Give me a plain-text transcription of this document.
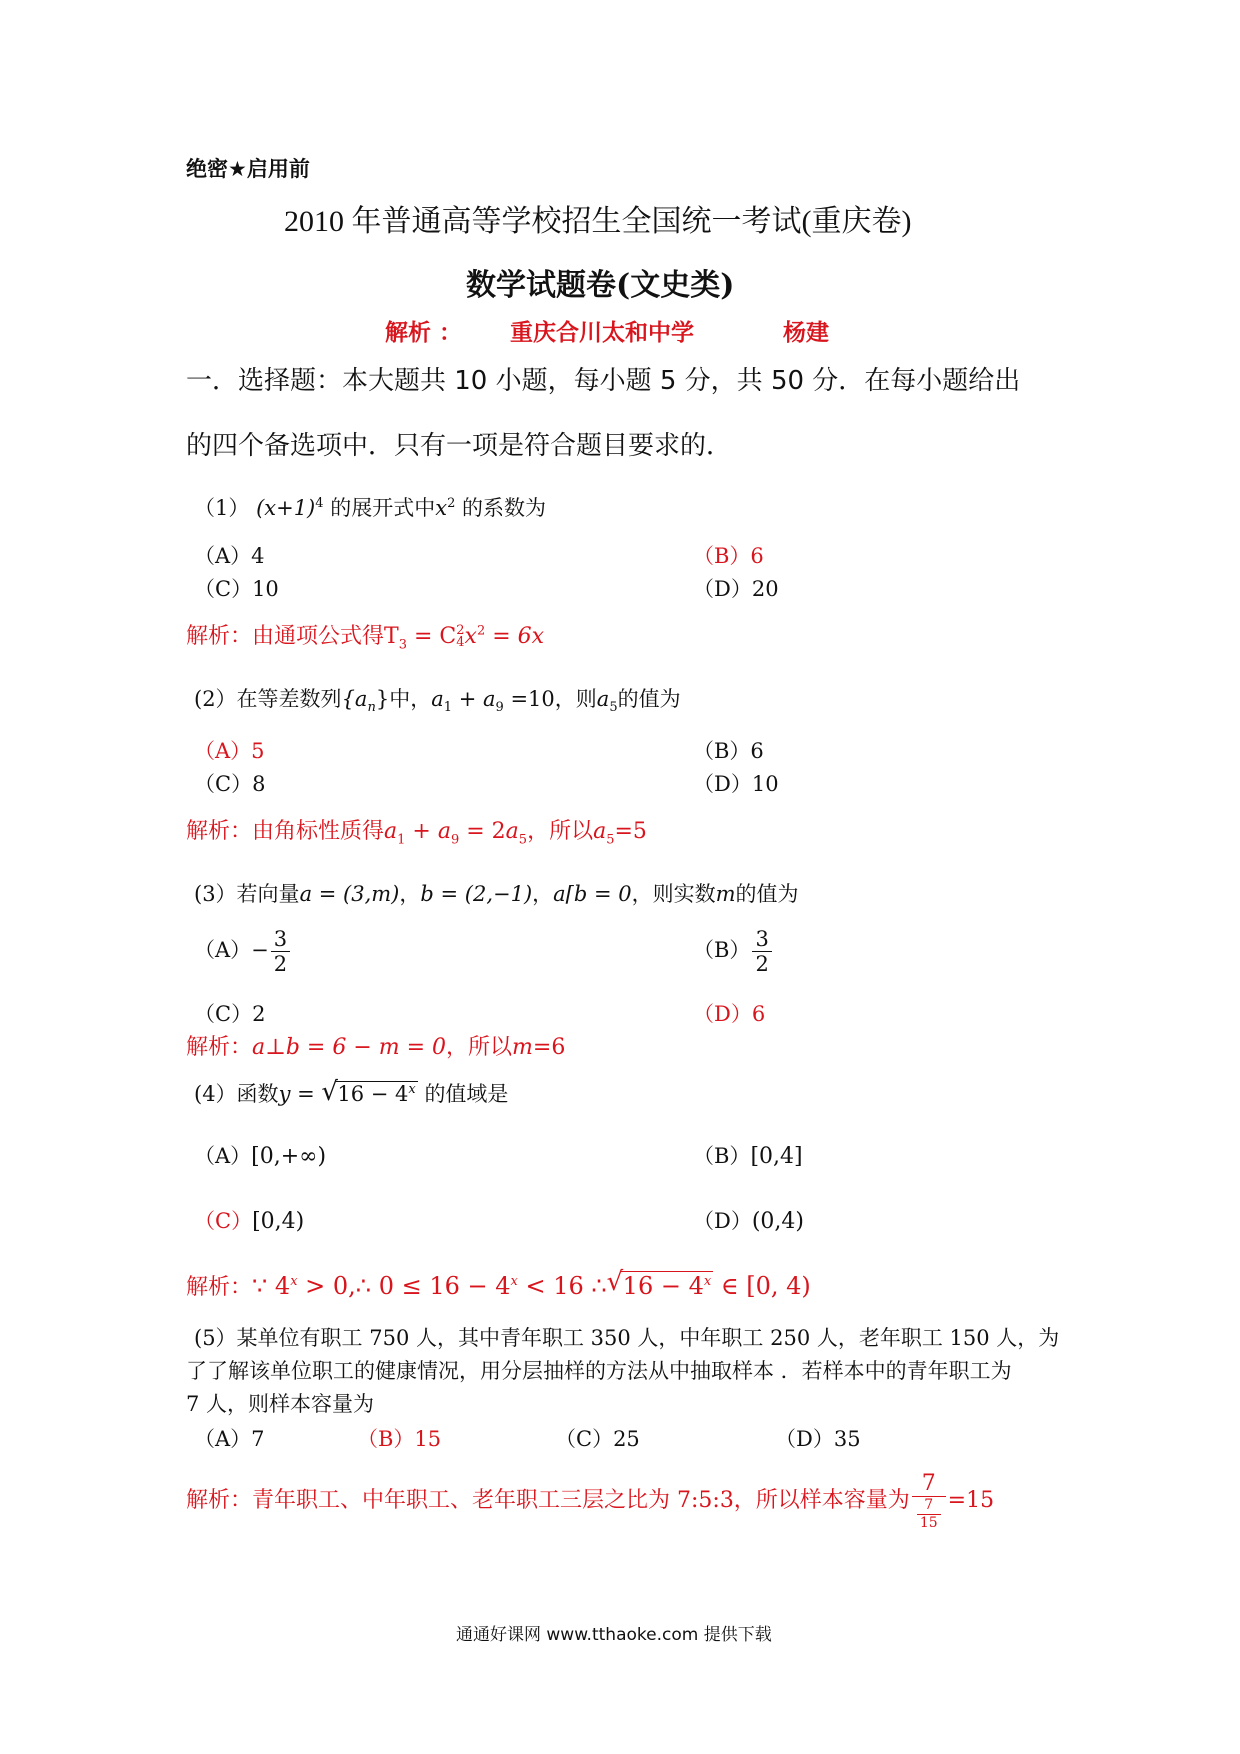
绝密★启用前
2010 年普通高等学校招生全国统一考试(重庆卷)
数学试题卷(文史类)
解析 ： 重庆合川太和中学	杨建
一．选择题：本大题共 10 小题，每小题 5 分，共 50 分．在每小题给出
的四个备选项中．只有一项是符合题目要求的．
（1） $(x+1)^4$ 的展开式中$x^2$ 的系数为
（A）4	（B）6
（C）10	（D）20
解析：由通项公式得$T_3 = C$ 2
4 $x^2 = 6x$
(2）在等差数列$\{a_n\}$中，$a_1 + a_9 =10$，则$a_5$的值为
（A）5	（B）6
（C）8	（D）10
解析：由角标性质得$a_1 + a_9 = 2a_5$，所以$a_5=5$
(3）若向量a = (3,m)，b = (2,−1)，a⌈b = 0，则实数m的值为
$(A)- \frac{3}{2}$	$(B) \frac{3}{2}$
（C）2	（D）6
解析：a⊥b = 6 − m = 0，所以m=6
(4）函数y = √ $16 - 4^x$ 的值域是
（A）[0,+∞)	（B）[0,4]
（C）[0,4)	（D）(0,4)
解析：∵ $4^x$ > 0,∴ $0 \le 16 - 4^x < 16$ ∴ √ $16 - 4^x$ ∈ [0, 4)
(5）某单位有职工 750 人，其中青年职工 350 人，中年职工 250 人，老年职工 150 人，为
了了解该单位职工的健康情况，用分层抽样的方法从中抽取样本 ．若样本中的青年职工为
7 人，则样本容量为
（A）7	（B）15	（C）25	（D）35
解析：青年职工、中年职工、老年职工三层之比为 7:5:3，所以样本容量为 $\frac{7}{\frac{7}{15}} =15$
通通好课网 www.tthaoke.com 提供下载
